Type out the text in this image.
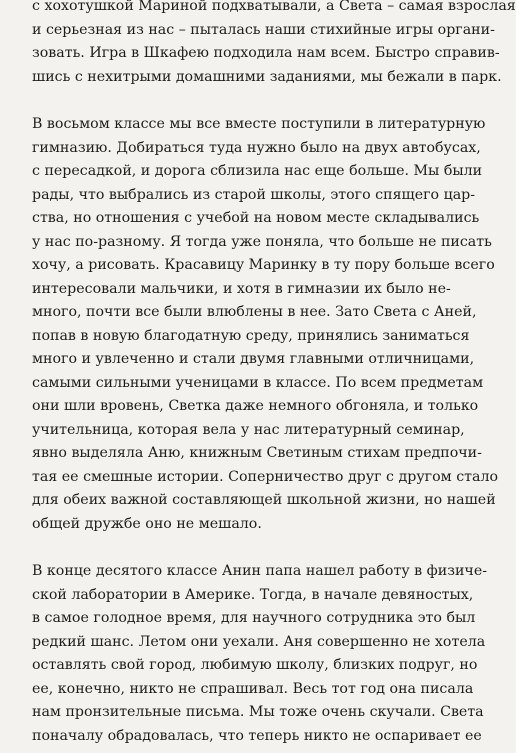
с хохотушкой Мариной подхватывали, а Света – самая взрослая
и серьезная из нас – пыталась наши стихийные игры органи-
зовать. Игра в Шкафею подходила нам всем. Быстро справив-
шись с нехитрыми домашними заданиями, мы бежали в парк.
В восьмом классе мы все вместе поступили в литературную
гимназию. Добираться туда нужно было на двух автобусах,
с пересадкой, и дорога сблизила нас еще больше. Мы были
рады, что выбрались из старой школы, этого спящего цар-
ства, но отношения с учебой на новом месте складывались
у нас по-разному. Я тогда уже поняла, что больше не писать
хочу, а рисовать. Красавицу Маринку в ту пору больше всего
интересовали мальчики, и хотя в гимназии их было не-
много, почти все были влюблены в нее. Зато Света с Аней,
попав в новую благодатную среду, принялись заниматься
много и увлеченно и стали двумя главными отличницами,
самыми сильными ученицами в классе. По всем предметам
они шли вровень, Светка даже немного обгоняла, и только
учительница, которая вела у нас литературный семинар,
явно выделяла Аню, книжным Светиным стихам предпочи-
тая ее смешные истории. Соперничество друг с другом стало
для обеих важной составляющей школьной жизни, но нашей
общей дружбе оно не мешало.
В конце десятого классе Анин папа нашел работу в физиче-
ской лаборатории в Америке. Тогда, в начале девяностых,
в самое голодное время, для научного сотрудника это был
редкий шанс. Летом они уехали. Аня совершенно не хотела
оставлять свой город, любимую школу, близких подруг, но
ее, конечно, никто не спрашивал. Весь тот год она писала
нам пронзительные письма. Мы тоже очень скучали. Света
поначалу обрадовалась, что теперь никто не оспаривает ее
